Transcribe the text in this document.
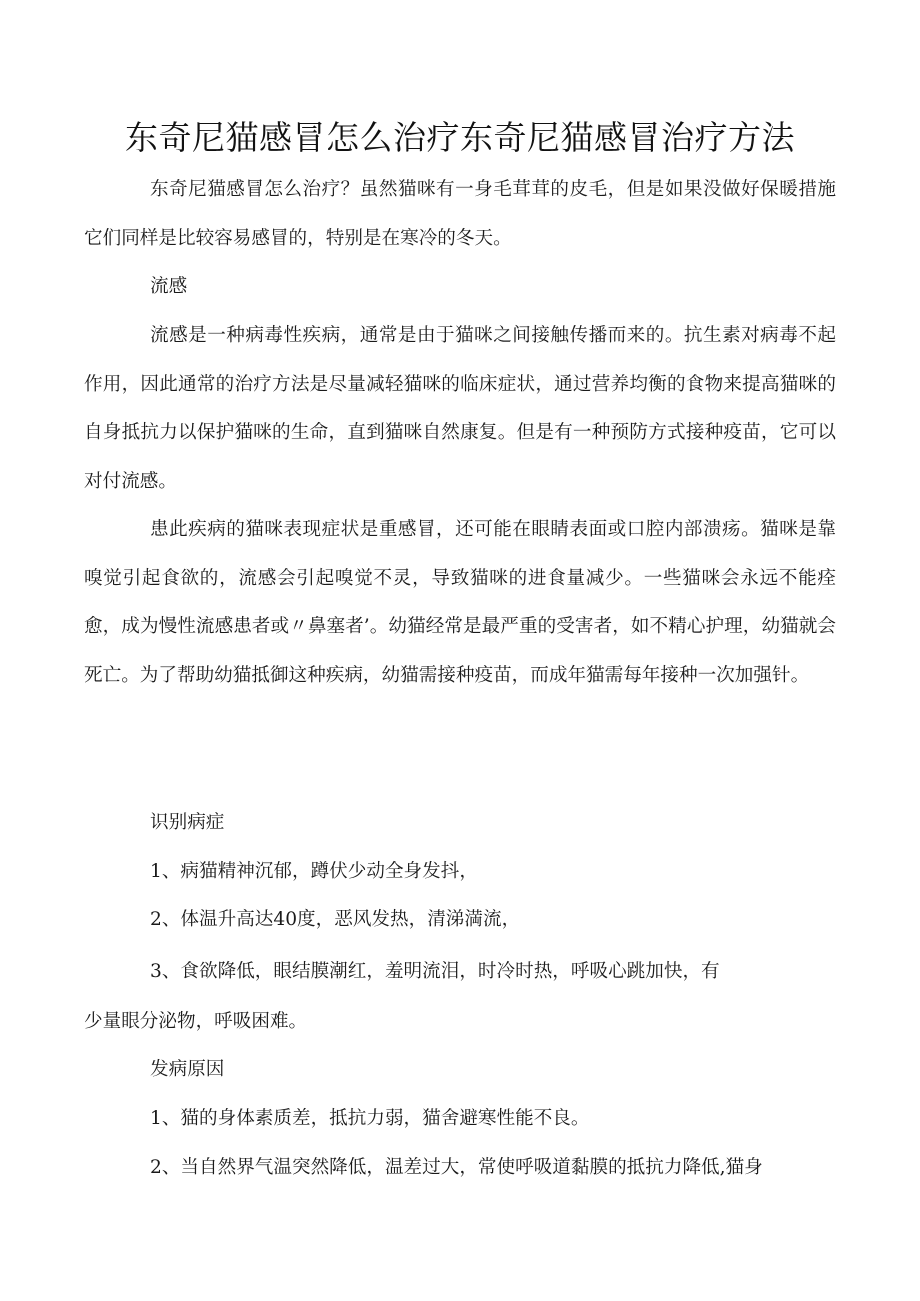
东奇尼猫感冒怎么治疗东奇尼猫感冒治疗方法

东奇尼猫感冒怎么治疗？虽然猫咪有一身毛茸茸的皮毛，但是如果没做好保暖措施它们同样是比较容易感冒的，特别是在寒冷的冬天。

流感

流感是一种病毒性疾病，通常是由于猫咪之间接触传播而来的。抗生素对病毒不起作用，因此通常的治疗方法是尽量减轻猫咪的临床症状，通过营养均衡的食物来提高猫咪的自身抵抗力以保护猫咪的生命，直到猫咪自然康复。但是有一种预防方式接种疫苗，它可以对付流感。

患此疾病的猫咪表现症状是重感冒，还可能在眼睛表面或口腔内部溃疡。猫咪是靠嗅觉引起食欲的，流感会引起嗅觉不灵，导致猫咪的进食量减少。一些猫咪会永远不能痊愈，成为慢性流感患者或〃鼻塞者’。幼猫经常是最严重的受害者，如不精心护理，幼猫就会死亡。为了帮助幼猫抵御这种疾病，幼猫需接种疫苗，而成年猫需每年接种一次加强针。

识别病症

1、病猫精神沉郁，蹲伏少动全身发抖，

2、体温升高达40度，恶风发热，清涕満流，

3、食欲降低，眼结膜潮红，羞明流泪，时冷时热，呼吸心跳加快，有

少量眼分泌物，呼吸困难。

发病原因

1、猫的身体素质差，抵抗力弱，猫舍避寒性能不良。

2、当自然界气温突然降低，温差过大，常使呼吸道黏膜的抵抗力降低,猫身
